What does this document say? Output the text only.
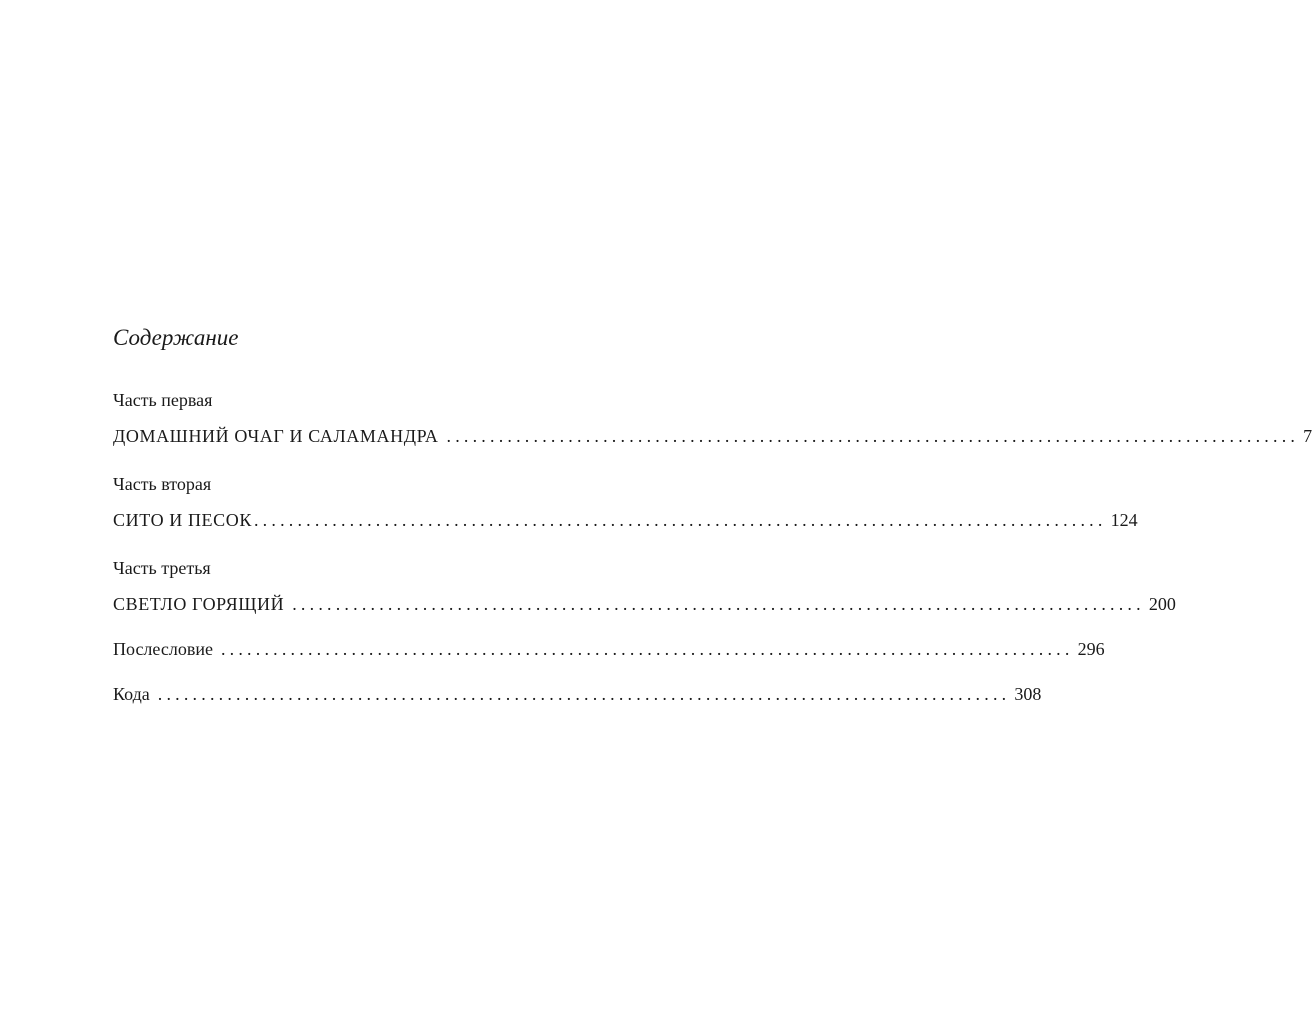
Содержание
Часть первая
ДОМАШНИЙ ОЧАГ И САЛАМАНДРА .................................................................................................. 7
Часть вторая
СИТО И ПЕСОК .................................................................................................. 124
Часть третья
СВЕТЛО ГОРЯЩИЙ .................................................................................................. 200
Послесловие .................................................................................................. 296
Кода .................................................................................................. 308
